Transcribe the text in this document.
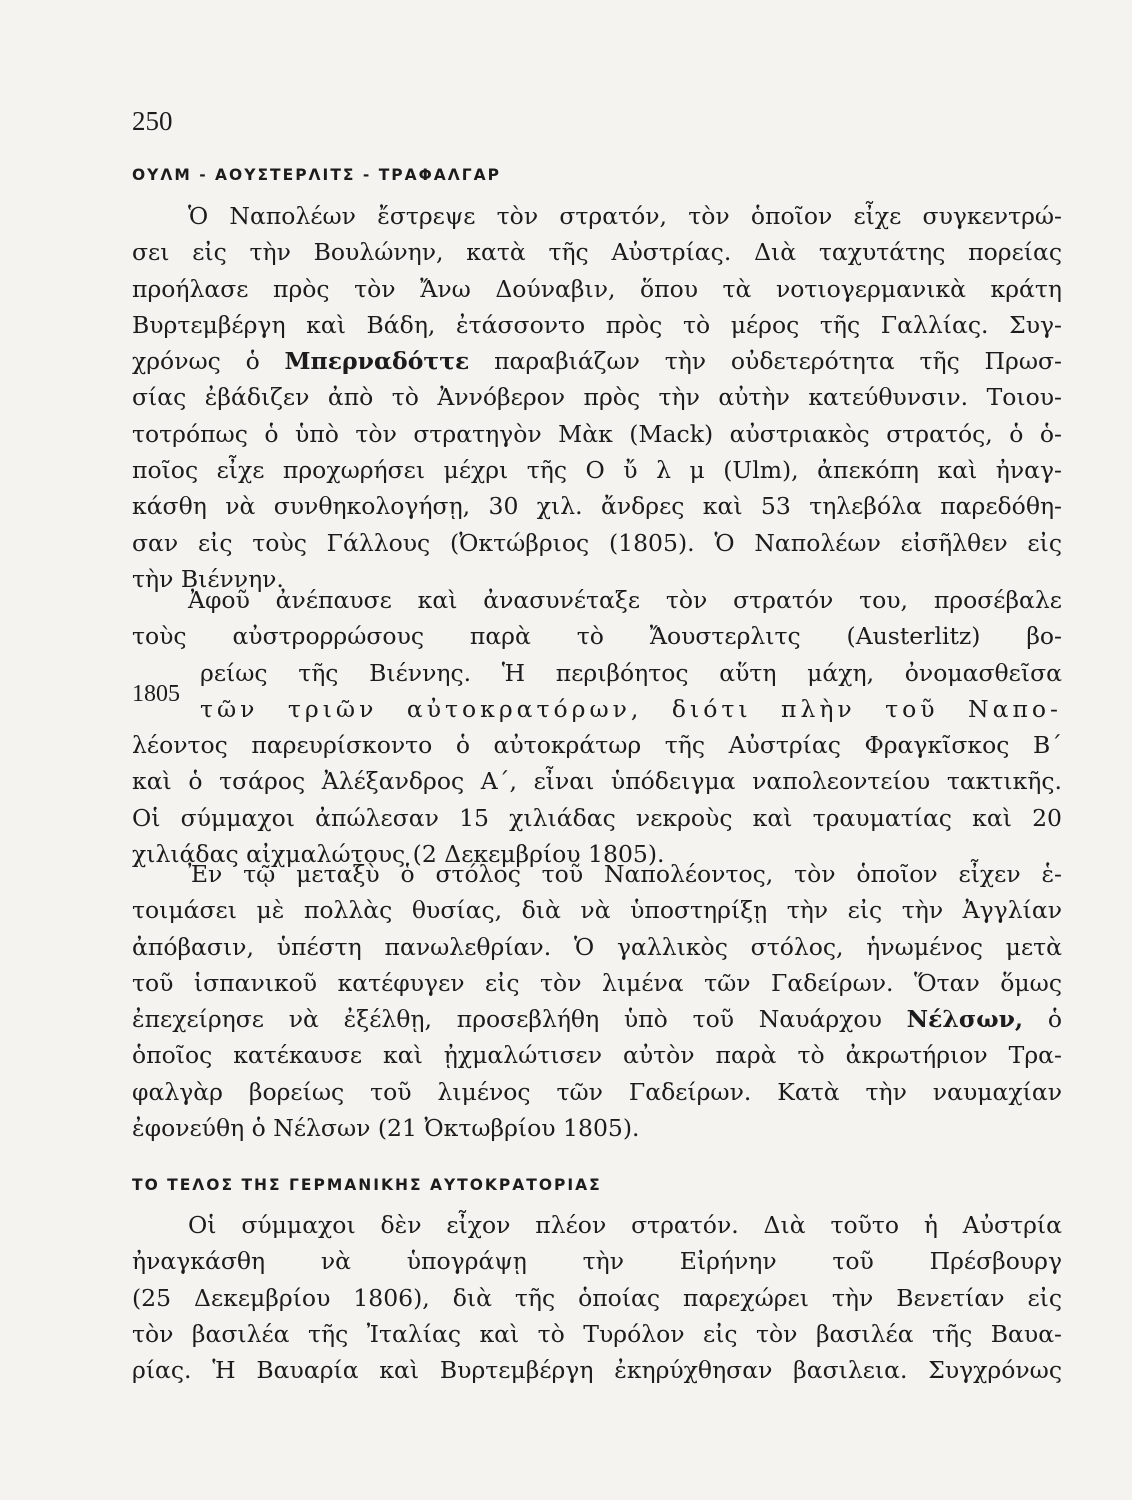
250
ΟΥΛΜ - ΑΟΥΣΤΕΡΛΙΤΣ - ΤΡΑΦΑΛΓΑΡ
Ὁ Ναπολέων ἔστρεψε τὸν στρατόν, τὸν ὁποῖον εἶχε συγκεντρώ-
σει εἰς τὴν Βουλώνην, κατὰ τῆς Αὐστρίας. Διὰ ταχυτάτης πορείας
προήλασε πρὸς τὸν Ἄνω Δούναβιν, ὅπου τὰ νοτιογερμανικὰ κράτη
Βυρτεμβέργη καὶ Βάδη, ἐτάσσοντο πρὸς τὸ μέρος τῆς Γαλλίας. Συγ-
χρόνως ὁ Μπερναδόττε παραβιάζων τὴν οὐδετερότητα τῆς Πρωσ-
σίας ἐβάδιζεν ἀπὸ τὸ Ἀννόβερον πρὸς τὴν αὐτὴν κατεύθυνσιν. Τοιου-
τοτρόπως ὁ ὑπὸ τὸν στρατηγὸν Μὰκ (Mack) αὐστριακὸς στρατός, ὁ ὁ-
ποῖος εἶχε προχωρήσει μέχρι τῆς Ο ὔ λ μ (Ulm), ἀπεκόπη καὶ ἠναγ-
κάσθη νὰ συνθηκολογήσῃ, 30 χιλ. ἄνδρες καὶ 53 τηλεβόλα παρεδόθη-
σαν εἰς τοὺς Γάλλους (Ὀκτώβριος (1805). Ὁ Ναπολέων εἰσῆλθεν εἰς
τὴν Βιέννην.
1805
Ἀφοῦ ἀνέπαυσε καὶ ἀνασυνέταξε τὸν στρατόν του, προσέβαλε
τοὺς αὐστρορρώσους παρὰ τὸ Ἄουστερλιτς (Austerlitz) βο-
ρείως τῆς Βιέννης. Ἡ περιβόητος αὕτη μάχη, ὀνομασθεῖσα
τῶν τριῶν αὐτοκρατόρων, διότι πλὴν τοῦ Ναπο-
λέοντος παρευρίσκοντο ὁ αὐτοκράτωρ τῆς Αὐστρίας Φραγκῖσκος Β΄
καὶ ὁ τσάρος Ἀλέξανδρος Α΄, εἶναι ὑπόδειγμα ναπολεοντείου τακτικῆς.
Οἱ σύμμαχοι ἀπώλεσαν 15 χιλιάδας νεκροὺς καὶ τραυματίας καὶ 20
χιλιάδας αἰχμαλώτους (2 Δεκεμβρίου 1805).
Ἐν τῷ μεταξὺ ὁ στόλος τοῦ Ναπολέοντος, τὸν ὁποῖον εἶχεν ἑ-
τοιμάσει μὲ πολλὰς θυσίας, διὰ νὰ ὑποστηρίξῃ τὴν εἰς τὴν Ἀγγλίαν
ἀπόβασιν, ὑπέστη πανωλεθρίαν. Ὁ γαλλικὸς στόλος, ἡνωμένος μετὰ
τοῦ ἱσπανικοῦ κατέφυγεν εἰς τὸν λιμένα τῶν Γαδείρων. Ὅταν ὅμως
ἐπεχείρησε νὰ ἐξέλθῃ, προσεβλήθη ὑπὸ τοῦ Ναυάρχου Νέλσων, ὁ
ὁποῖος κατέκαυσε καὶ ᾐχμαλώτισεν αὐτὸν παρὰ τὸ ἀκρωτήριον Τρα-
φαλγὰρ βορείως τοῦ λιμένος τῶν Γαδείρων. Κατὰ τὴν ναυμαχίαν
ἐφονεύθη ὁ Νέλσων (21 Ὀκτωβρίου 1805).
ΤΟ ΤΕΛΟΣ ΤΗΣ ΓΕΡΜΑΝΙΚΗΣ ΑΥΤΟΚΡΑΤΟΡΙΑΣ
Οἱ σύμμαχοι δὲν εἶχον πλέον στρατόν. Διὰ τοῦτο ἡ Αὐστρία
ἠναγκάσθη νὰ ὑπογράψῃ τὴν Εἰρήνην τοῦ Πρέσβουργ
(25 Δεκεμβρίου 1806), διὰ τῆς ὁποίας παρεχώρει τὴν Βενετίαν εἰς
τὸν βασιλέα τῆς Ἰταλίας καὶ τὸ Τυρόλον εἰς τὸν βασιλέα τῆς Βαυα-
ρίας. Ἡ Βαυαρία καὶ Βυρτεμβέργη ἐκηρύχθησαν βασιλεια. Συγχρόνως
